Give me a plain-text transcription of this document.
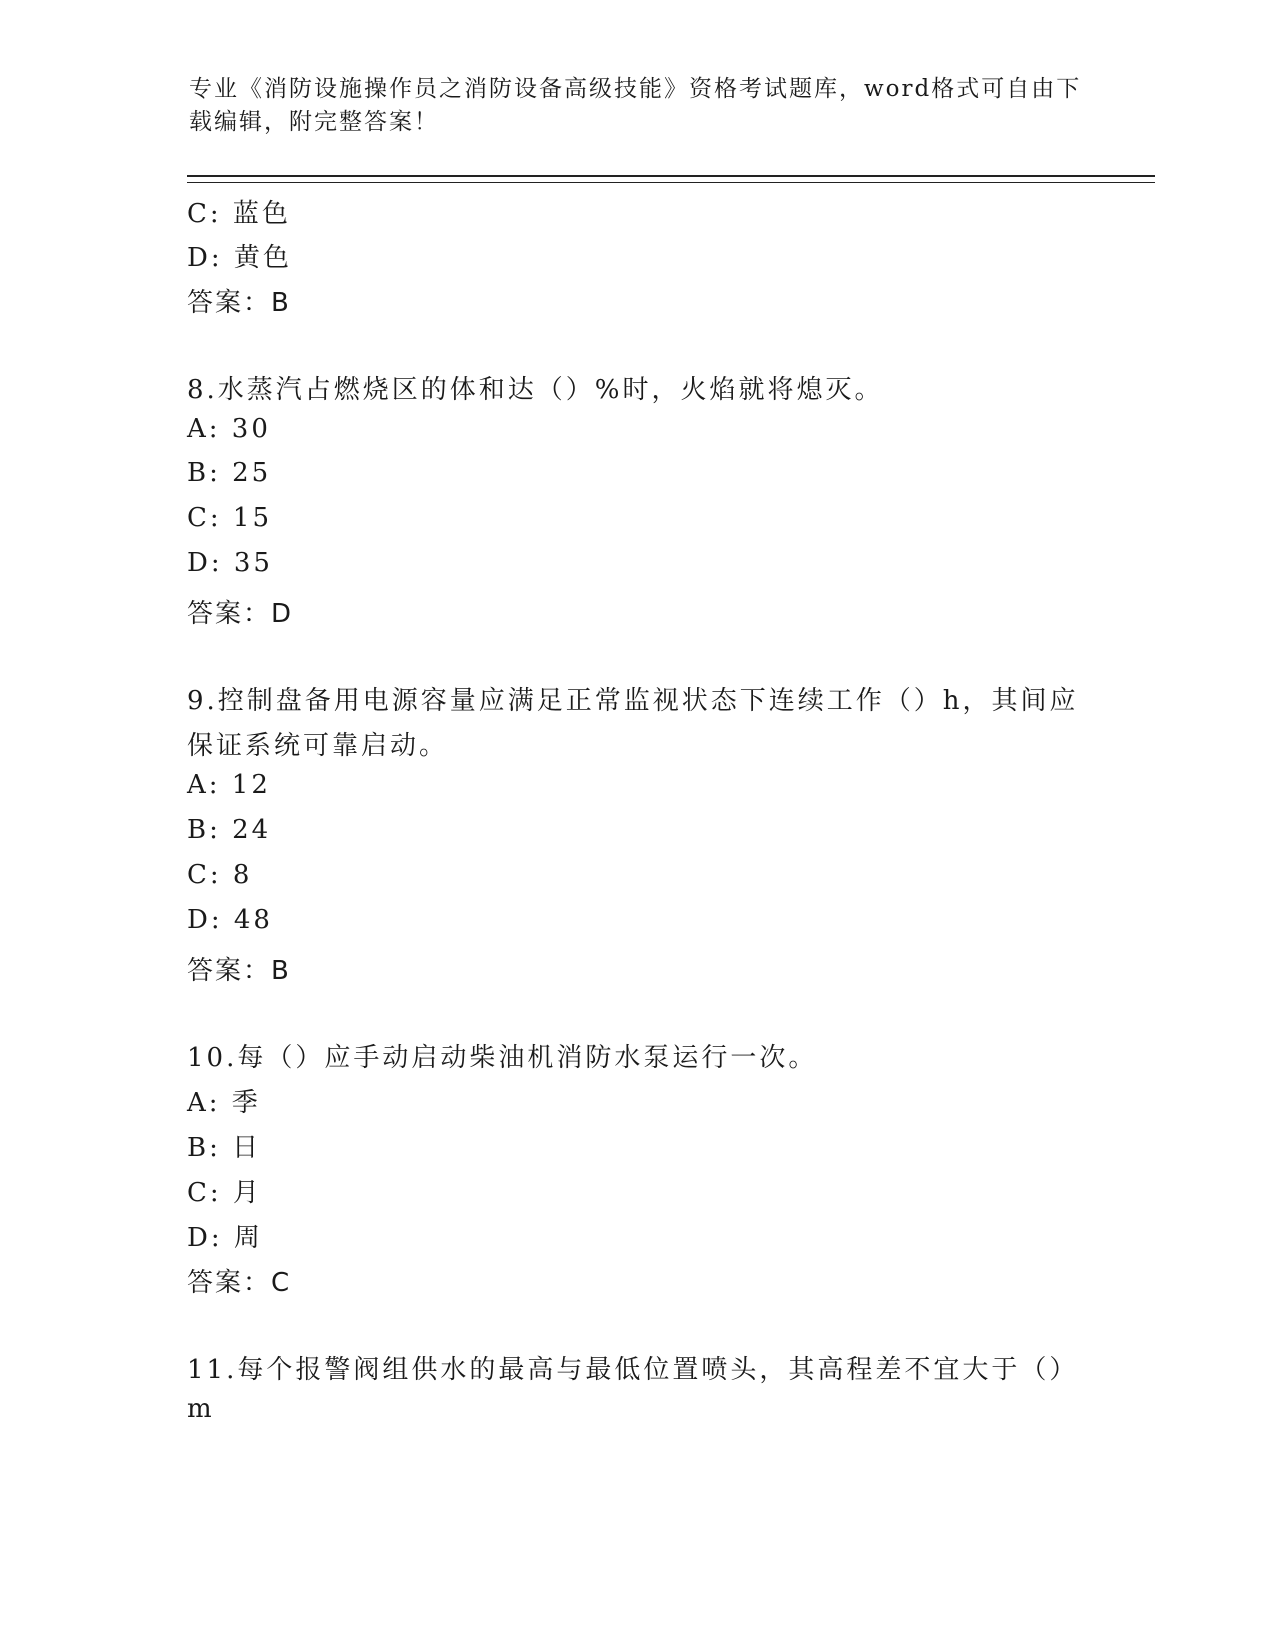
专业《消防设施操作员之消防设备高级技能》资格考试题库，word格式可自由下
载编辑，附完整答案！
C: 蓝色
D: 黄色
答案：B
8.水蒸汽占燃烧区的体和达（）%时，火焰就将熄灭。
A: 30
B: 25
C: 15
D: 35
答案：D
9.控制盘备用电源容量应满足正常监视状态下连续工作（）h，其间应
保证系统可靠启动。
A: 12
B: 24
C: 8
D: 48
答案：B
10.每（）应手动启动柴油机消防水泵运行一次。
A: 季
B: 日
C: 月
D: 周
答案：C
11.每个报警阀组供水的最高与最低位置喷头，其高程差不宜大于（）
m
